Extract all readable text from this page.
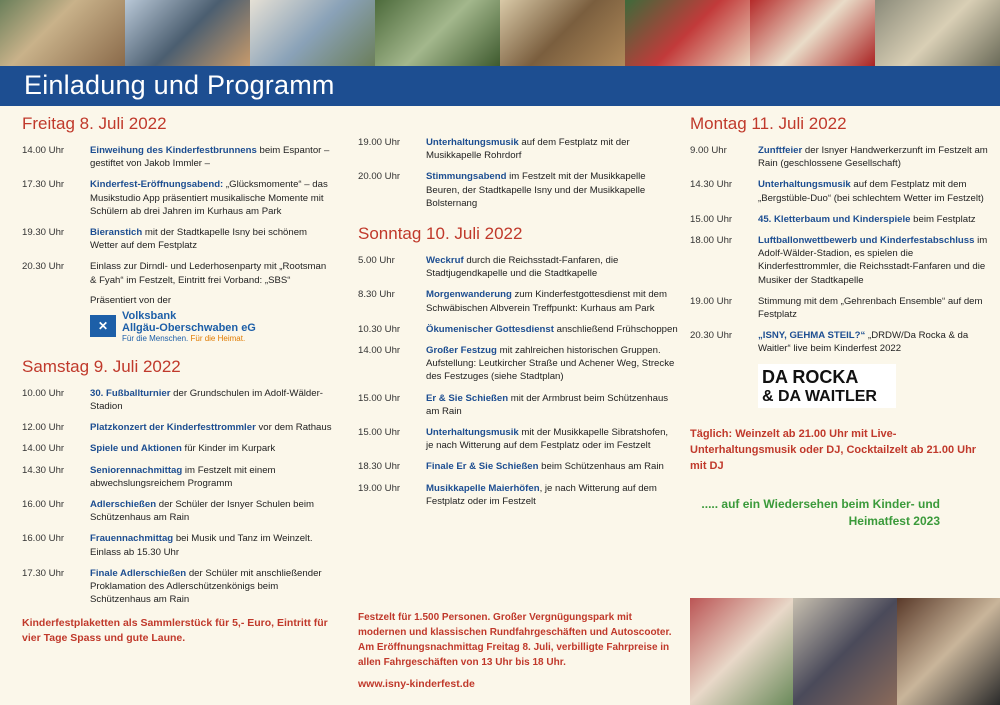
Einladung und Programm
Freitag 8. Juli 2022
14.00 Uhr	Einweihung des Kinderfestbrunnens beim Espantor – gestiftet von Jakob Immler –
17.30 Uhr	Kinderfest-Eröffnungsabend: „Glücksmomente“ – das Musikstudio App präsentiert musikalische Momente mit Schülern ab drei Jahren im Kurhaus am Park
19.30 Uhr	Bieranstich mit der Stadtkapelle Isny bei schönem Wetter auf dem Festplatz
20.30 Uhr	Einlass zur Dirndl- und Lederhosenparty mit „Rootsman & Fyah“ im Festzelt, Eintritt frei Vorband: „SBS“
Präsentiert von der
✕
Volksbank
Allgäu-Oberschwaben eG
Für die Menschen. Für die Heimat.
Samstag 9. Juli 2022
10.00 Uhr	30. Fußballturnier der Grundschulen im Adolf-Wälder-Stadion
12.00 Uhr	Platzkonzert der Kinderfesttrommler vor dem Rathaus
14.00 Uhr	Spiele und Aktionen für Kinder im Kurpark
14.30 Uhr	Seniorennachmittag im Festzelt mit einem abwechslungsreichem Programm
16.00 Uhr	Adlerschießen der Schüler der Isnyer Schulen beim Schützenhaus am Rain
16.00 Uhr	Frauennachmittag bei Musik und Tanz im Weinzelt. Einlass ab 15.30 Uhr
17.30 Uhr	Finale Adlerschießen der Schüler mit anschließender Proklamation des Adlerschützenkönigs beim Schützenhaus am Rain
Kinderfestplaketten als Sammlerstück für 5,- Euro, Eintritt für vier Tage Spass und gute Laune.
19.00 Uhr	Unterhaltungsmusik auf dem Festplatz mit der Musikkapelle Rohrdorf
20.00 Uhr	Stimmungsabend im Festzelt mit der Musikkapelle Beuren, der Stadtkapelle Isny und der Musikkapelle Bolsternang
Sonntag 10. Juli 2022
5.00 Uhr	Weckruf durch die Reichsstadt-Fanfaren, die Stadtjugendkapelle und die Stadtkapelle
8.30 Uhr	Morgenwanderung zum Kinderfestgottesdienst mit dem Schwäbischen Albverein Treffpunkt: Kurhaus am Park
10.30 Uhr	Ökumenischer Gottesdienst anschließend Frühschoppen
14.00 Uhr	Großer Festzug mit zahlreichen historischen Gruppen. Aufstellung: Leutkircher Straße und Achener Weg, Strecke des Festzuges (siehe Stadtplan)
15.00 Uhr	Er & Sie Schießen mit der Armbrust beim Schützenhaus am Rain
15.00 Uhr	Unterhaltungsmusik mit der Musikkapelle Sibratshofen, je nach Witterung auf dem Festplatz oder im Festzelt
18.30 Uhr	Finale Er & Sie Schießen beim Schützenhaus am Rain
19.00 Uhr	Musikkapelle Maierhöfen, je nach Witterung auf dem Festplatz oder im Festzelt
Festzelt für 1.500 Personen. Großer Vergnügungspark mit modernen und klassischen Rundfahrgeschäften und Autoscooter. Am Eröffnungsnachmittag Freitag 8. Juli, verbilligte Fahrpreise in allen Fahrgeschäften von 13 Uhr bis 18 Uhr.
www.isny-kinderfest.de
Montag 11. Juli 2022
9.00 Uhr	Zunftfeier der Isnyer Handwerkerzunft im Festzelt am Rain (geschlossene Gesellschaft)
14.30 Uhr	Unterhaltungsmusik auf dem Festplatz mit dem „Bergstüble-Duo“ (bei schlechtem Wetter im Festzelt)
15.00 Uhr	45. Kletterbaum und Kinderspiele beim Festplatz
18.00 Uhr	Luftballonwettbewerb und Kinderfestabschluss im Adolf-Wälder-Stadion, es spielen die Kinderfesttrommler, die Reichsstadt-Fanfaren und die Musiker der Stadtkapelle
19.00 Uhr	Stimmung mit dem „Gehrenbach Ensemble“ auf dem Festplatz
20.30 Uhr	„ISNY, GEHMA STEIL?“ „DRDW/Da Rocka & da Waitler“ live beim Kinderfest 2022
DA ROCKA
& DA WAITLER
Täglich: Weinzelt ab 21.00 Uhr mit Live-Unterhaltungsmusik oder DJ, Cocktailzelt ab 21.00 Uhr mit DJ
..... auf ein Wiedersehen beim Kinder- und Heimatfest 2023
